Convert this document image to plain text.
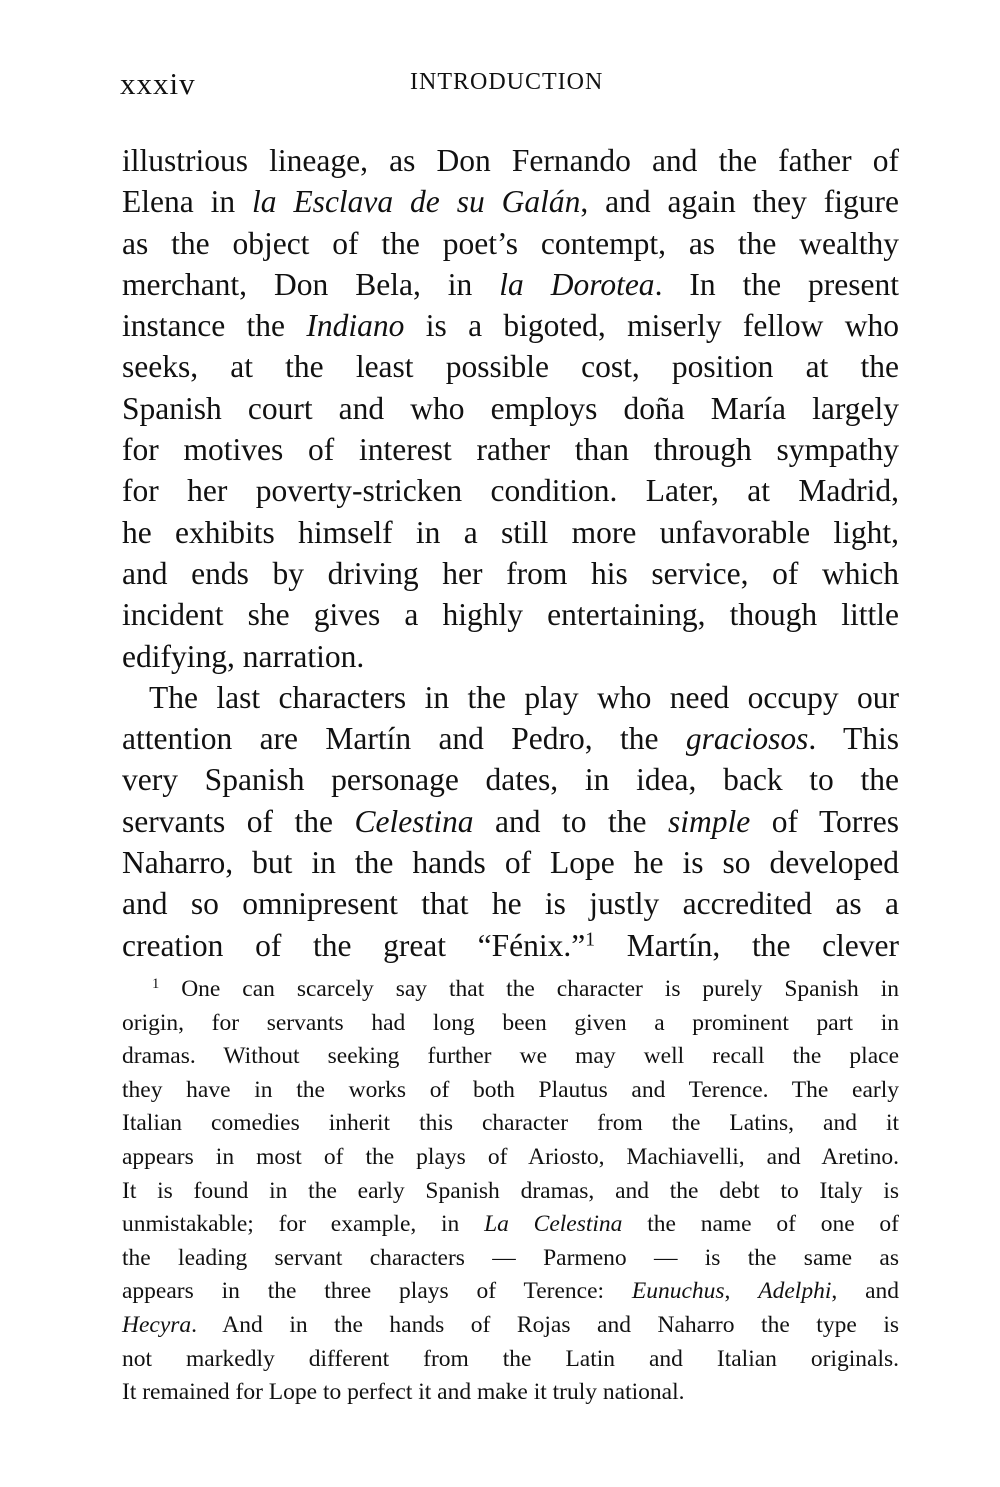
xxxiv	INTRODUCTION
illustrious lineage, as Don Fernando and the father of
Elena in la Esclava de su Galán, and again they figure
as the object of the poet’s contempt, as the wealthy
merchant, Don Bela, in la Dorotea. In the present
instance the Indiano is a bigoted, miserly fellow who
seeks, at the least possible cost, position at the
Spanish court and who employs doña María largely
for motives of interest rather than through sympathy
for her poverty-stricken condition. Later, at Madrid,
he exhibits himself in a still more unfavorable light,
and ends by driving her from his service, of which
incident she gives a highly entertaining, though little
edifying, narration.
The last characters in the play who need occupy our
attention are Martín and Pedro, the graciosos. This
very Spanish personage dates, in idea, back to the
servants of the Celestina and to the simple of Torres
Naharro, but in the hands of Lope he is so developed
and so omnipresent that he is justly accredited as a
creation of the great “Fénix.”$^1$ Martín, the clever
$^1$ One can scarcely say that the character is purely Spanish in
origin, for servants had long been given a prominent part in
dramas. Without seeking further we may well recall the place
they have in the works of both Plautus and Terence. The early
Italian comedies inherit this character from the Latins, and it
appears in most of the plays of Ariosto, Machiavelli, and Aretino.
It is found in the early Spanish dramas, and the debt to Italy is
unmistakable; for example, in La Celestina the name of one of
the leading servant characters — Parmeno — is the same as
appears in the three plays of Terence: Eunuchus, Adelphi, and
Hecyra. And in the hands of Rojas and Naharro the type is
not markedly different from the Latin and Italian originals.
It remained for Lope to perfect it and make it truly national.
